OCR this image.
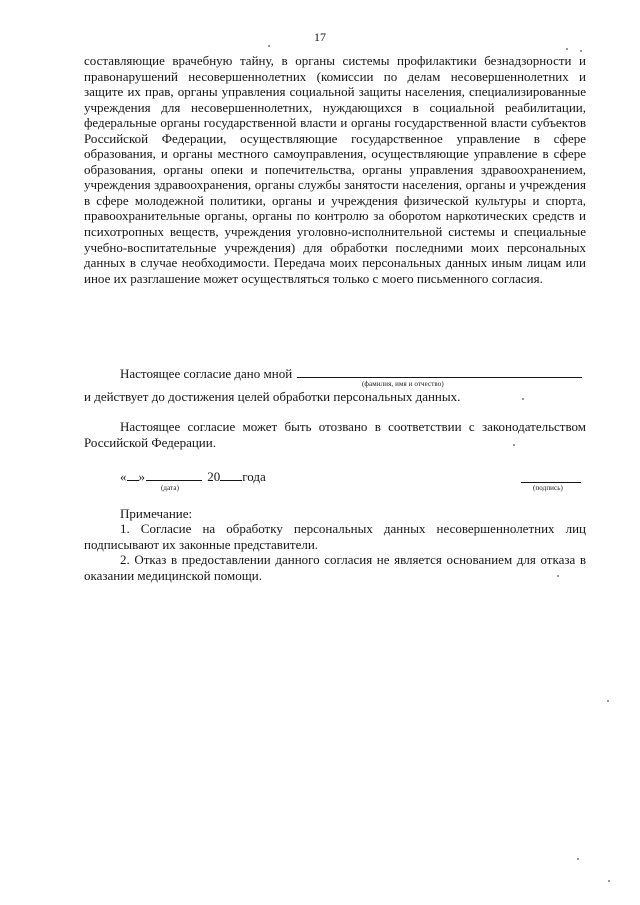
17

составляющие врачебную тайну, в органы системы профилактики безнадзорности и правонарушений несовершеннолетних (комиссии по делам несовершеннолетних и защите их прав, органы управления социальной защиты населения, специализированные учреждения для несовершеннолетних, нуждающихся в социальной реабилитации, федеральные органы государственной власти и органы государственной власти субъектов Российской Федерации, осуществляющие государственное управление в сфере образования, и органы местного самоуправления, осуществляющие управление в сфере образования, органы опеки и попечительства, органы управления здравоохранением, учреждения здравоохранения, органы службы занятости населения, органы и учреждения в сфере молодежной политики, органы и учреждения физической культуры и спорта, правоохранительные органы, органы по контролю за оборотом наркотических средств и психотропных веществ, учреждения уголовно-исполнительной системы и специальные учебно-воспитательные учреждения) для обработки последними моих персональных данных в случае необходимости. Передача моих персональных данных иным лицам или иное их разглашение может осуществляться только с моего письменного согласия.

Настоящее согласие дано мной
(фамилия, имя и отчество)

и действует до достижения целей обработки персональных данных.

Настоящее согласие может быть отозвано в соответствии с законодательством Российской Федерации.

« »	20 года
(дата)	(подпись)
Примечание:

1. Согласие на обработку персональных данных несовершеннолетних лиц подписывают их законные представители.

2. Отказ в предоставлении данного согласия не является основанием для отказа в оказании медицинской помощи.
